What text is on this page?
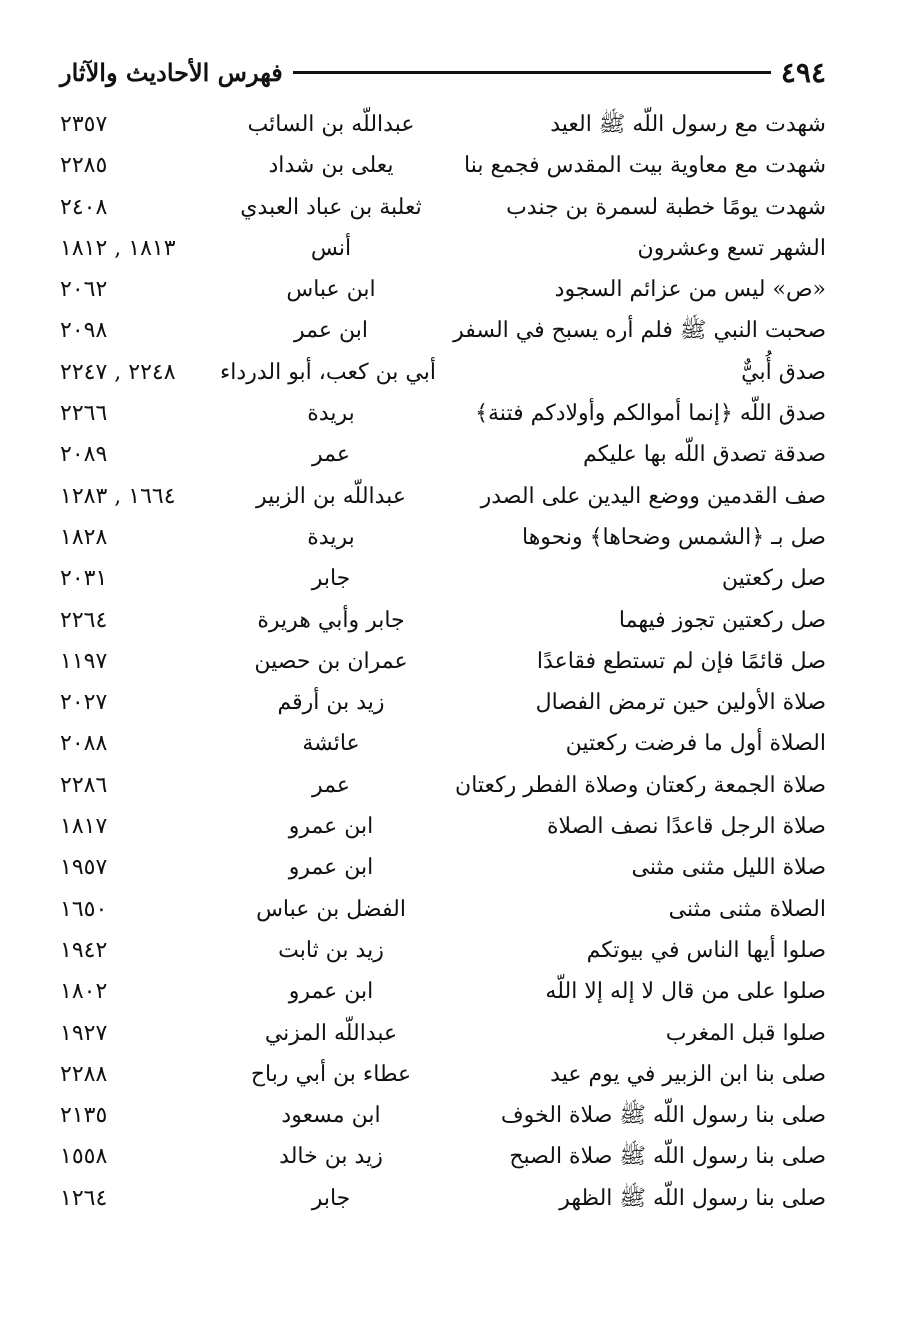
٤٩٤
فهرس الأحاديث والآثار
شهدت مع رسول اللّه ﷺ العيد
عبداللّه بن السائب
٢٣٥٧
شهدت مع معاوية بيت المقدس فجمع بنا
يعلى بن شداد
٢٢٨٥
شهدت يومًا خطبة لسمرة بن جندب
ثعلبة بن عباد العبدي
٢٤٠٨
الشهر تسع وعشرون
أنس
١٨١٣ , ١٨١٢
«ص» ليس من عزائم السجود
ابن عباس
٢٠٦٢
صحبت النبي ﷺ فلم أره يسبح في السفر
ابن عمر
٢٠٩٨
صدق أُبيٌّ
أبي بن كعب، أبو الدرداء
٢٢٤٨ , ٢٢٤٧
صدق اللّه ﴿إنما أموالكم وأولادكم فتنة﴾
بريدة
٢٢٦٦
صدقة تصدق اللّه بها عليكم
عمر
٢٠٨٩
صف القدمين ووضع اليدين على الصدر
عبداللّه بن الزبير
١٦٦٤ , ١٢٨٣
صل بـ ﴿الشمس وضحاها﴾ ونحوها
بريدة
١٨٢٨
صل ركعتين
جابر
٢٠٣١
صل ركعتين تجوز فيهما
جابر وأبي هريرة
٢٢٦٤
صل قائمًا فإن لم تستطع فقاعدًا
عمران بن حصين
١١٩٧
صلاة الأولين حين ترمض الفصال
زيد بن أرقم
٢٠٢٧
الصلاة أول ما فرضت ركعتين
عائشة
٢٠٨٨
صلاة الجمعة ركعتان وصلاة الفطر ركعتان
عمر
٢٢٨٦
صلاة الرجل قاعدًا نصف الصلاة
ابن عمرو
١٨١٧
صلاة الليل مثنى مثنى
ابن عمرو
١٩٥٧
الصلاة مثنى مثنى
الفضل بن عباس
١٦٥٠
صلوا أيها الناس في بيوتكم
زيد بن ثابت
١٩٤٢
صلوا على من قال لا إله إلا اللّه
ابن عمرو
١٨٠٢
صلوا قبل المغرب
عبداللّه المزني
١٩٢٧
صلى بنا ابن الزبير في يوم عيد
عطاء بن أبي رباح
٢٢٨٨
صلى بنا رسول اللّه ﷺ صلاة الخوف
ابن مسعود
٢١٣٥
صلى بنا رسول اللّه ﷺ صلاة الصبح
زيد بن خالد
١٥٥٨
صلى بنا رسول اللّه ﷺ الظهر
جابر
١٢٦٤
